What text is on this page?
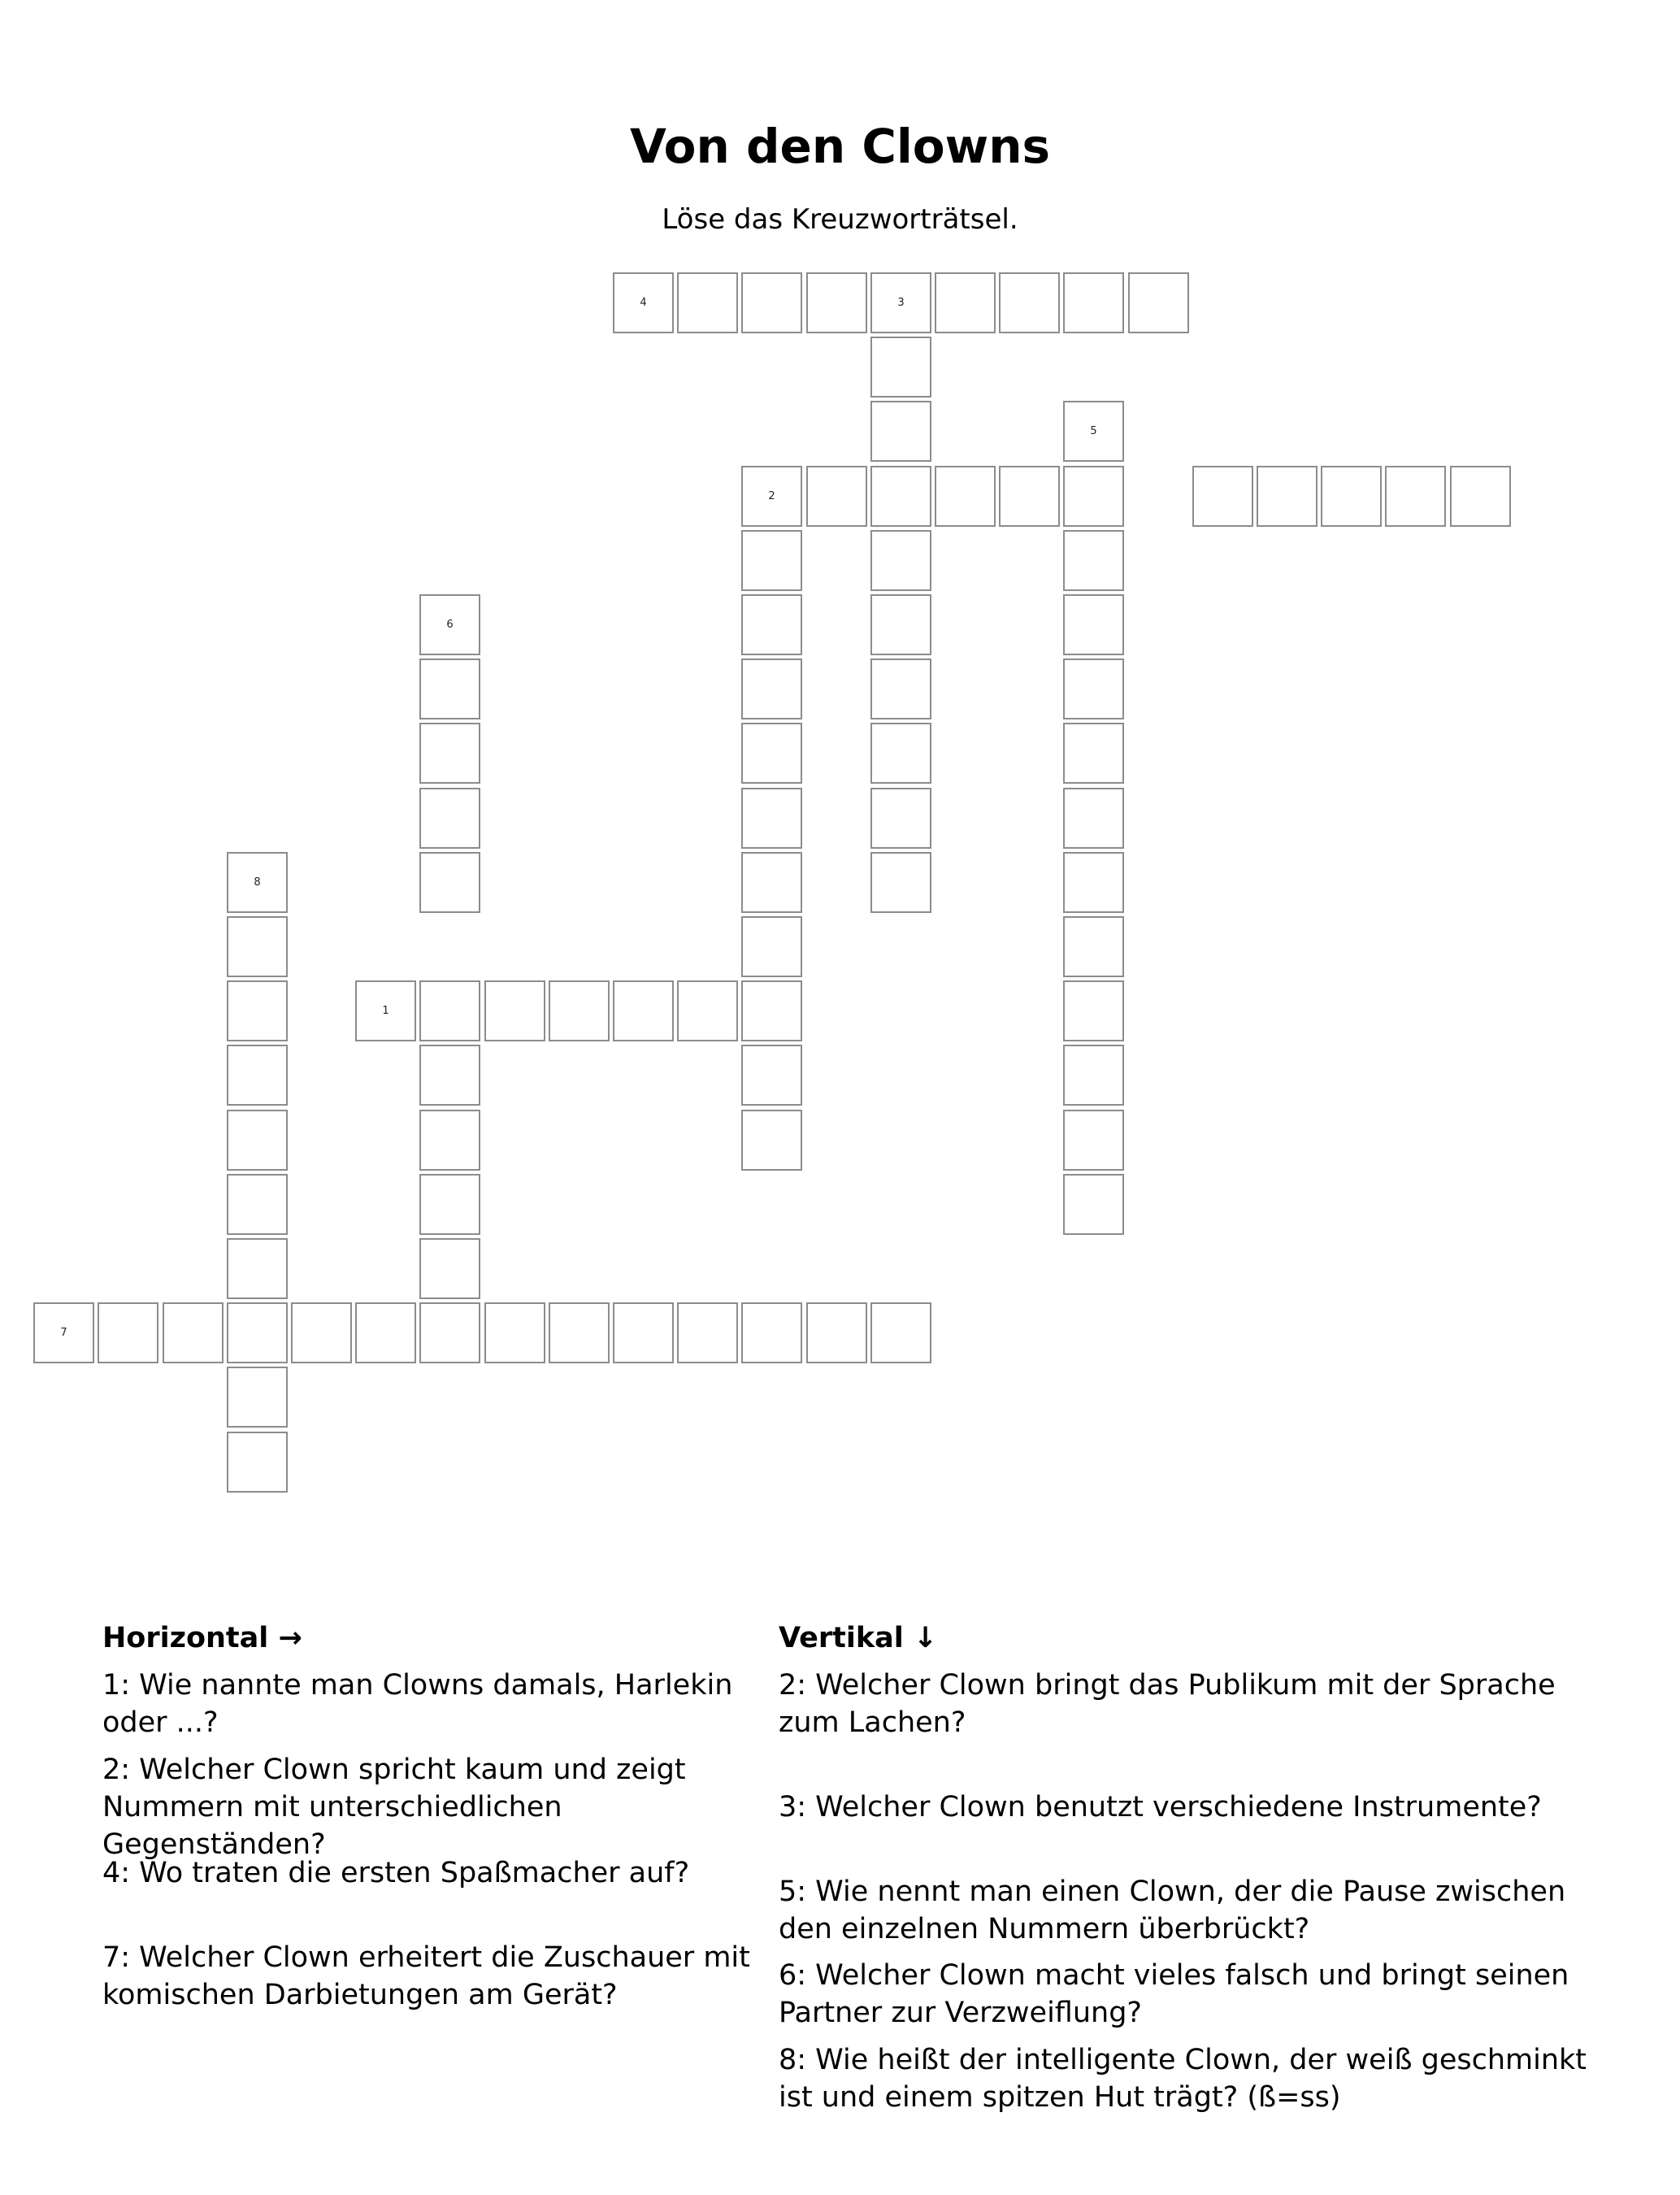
Von den Clowns
Löse das Kreuzworträtsel.
4	3
5
2
6
8
1
7
Horizontal →
1: Wie nannte man Clowns damals, Harlekin
oder ...?
2: Welcher Clown spricht kaum und zeigt
Nummern mit unterschiedlichen
Gegenständen?
4: Wo traten die ersten Spaßmacher auf?
7: Welcher Clown erheitert die Zuschauer mit
komischen Darbietungen am Gerät?
Vertikal ↓
2: Welcher Clown bringt das Publikum mit der Sprache
zum Lachen?
3: Welcher Clown benutzt verschiedene Instrumente?
5: Wie nennt man einen Clown, der die Pause zwischen
den einzelnen Nummern überbrückt?
6: Welcher Clown macht vieles falsch und bringt seinen
Partner zur Verzweiflung?
8: Wie heißt der intelligente Clown, der weiß geschminkt
ist und einem spitzen Hut trägt? (ß=ss)
